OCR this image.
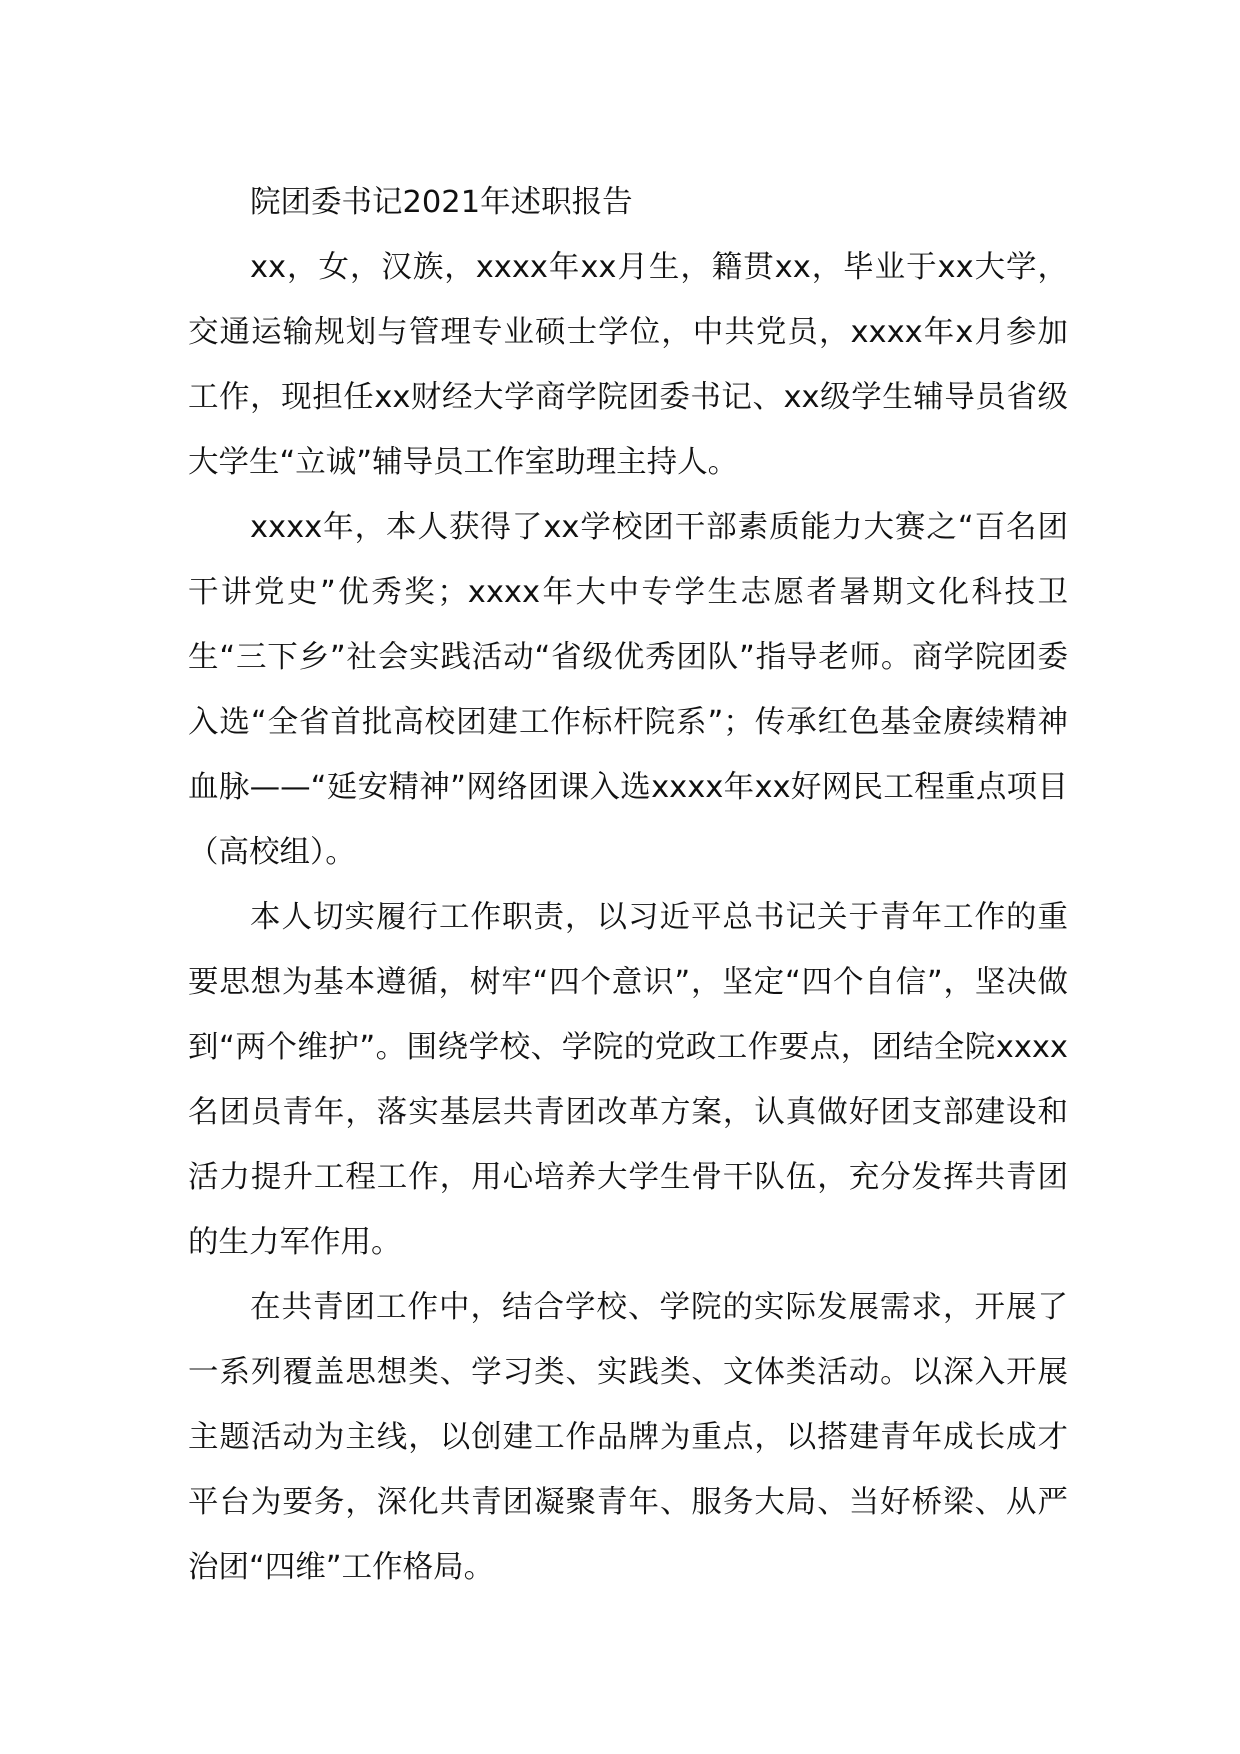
院团委书记2021年述职报告

xx，女，汉族，xxxx年xx月生，籍贯xx，毕业于xx大学，交通运输规划与管理专业硕士学位，中共党员，xxxx年x月参加工作，现担任xx财经大学商学院团委书记、xx级学生辅导员省级大学生“立诚”辅导员工作室助理主持人。

xxxx年，本人获得了xx学校团干部素质能力大赛之“百名团干讲党史”优秀奖；xxxx年大中专学生志愿者暑期文化科技卫生“三下乡”社会实践活动“省级优秀团队”指导老师。商学院团委入选“全省首批高校团建工作标杆院系”；传承红色基金赓续精神血脉——“延安精神”网络团课入选xxxx年xx好网民工程重点项目（高校组）。

本人切实履行工作职责，以习近平总书记关于青年工作的重要思想为基本遵循，树牢“四个意识”，坚定“四个自信”，坚决做到“两个维护”。围绕学校、学院的党政工作要点，团结全院xxxx名团员青年，落实基层共青团改革方案，认真做好团支部建设和活力提升工程工作，用心培养大学生骨干队伍，充分发挥共青团的生力军作用。

在共青团工作中，结合学校、学院的实际发展需求，开展了一系列覆盖思想类、学习类、实践类、文体类活动。以深入开展主题活动为主线，以创建工作品牌为重点，以搭建青年成长成才平台为要务，深化共青团凝聚青年、服务大局、当好桥梁、从严治团“四维”工作格局。
